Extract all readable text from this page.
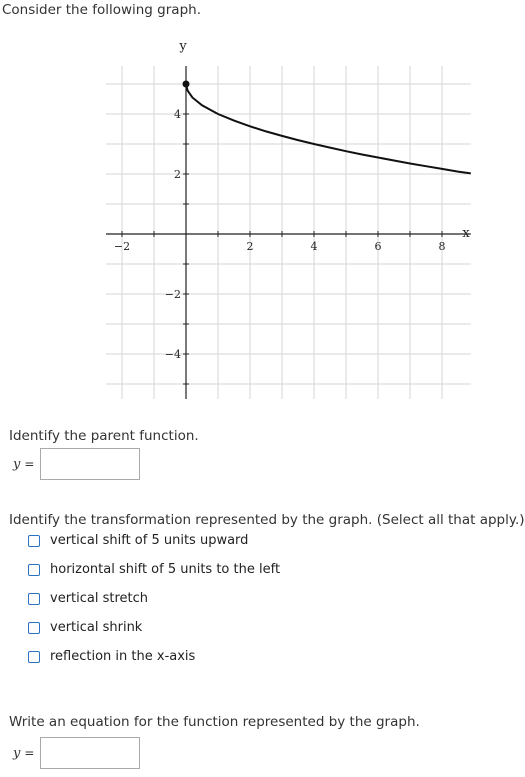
Consider the following graph.
−2	2	4	6	8
−4
−2
2
4
y
x
Identify the parent function.
y =
Identify the transformation represented by the graph. (Select all that apply.)
vertical shift of 5 units upward
horizontal shift of 5 units to the left
vertical stretch
vertical shrink
reflection in the x-axis
Write an equation for the function represented by the graph.
y =
